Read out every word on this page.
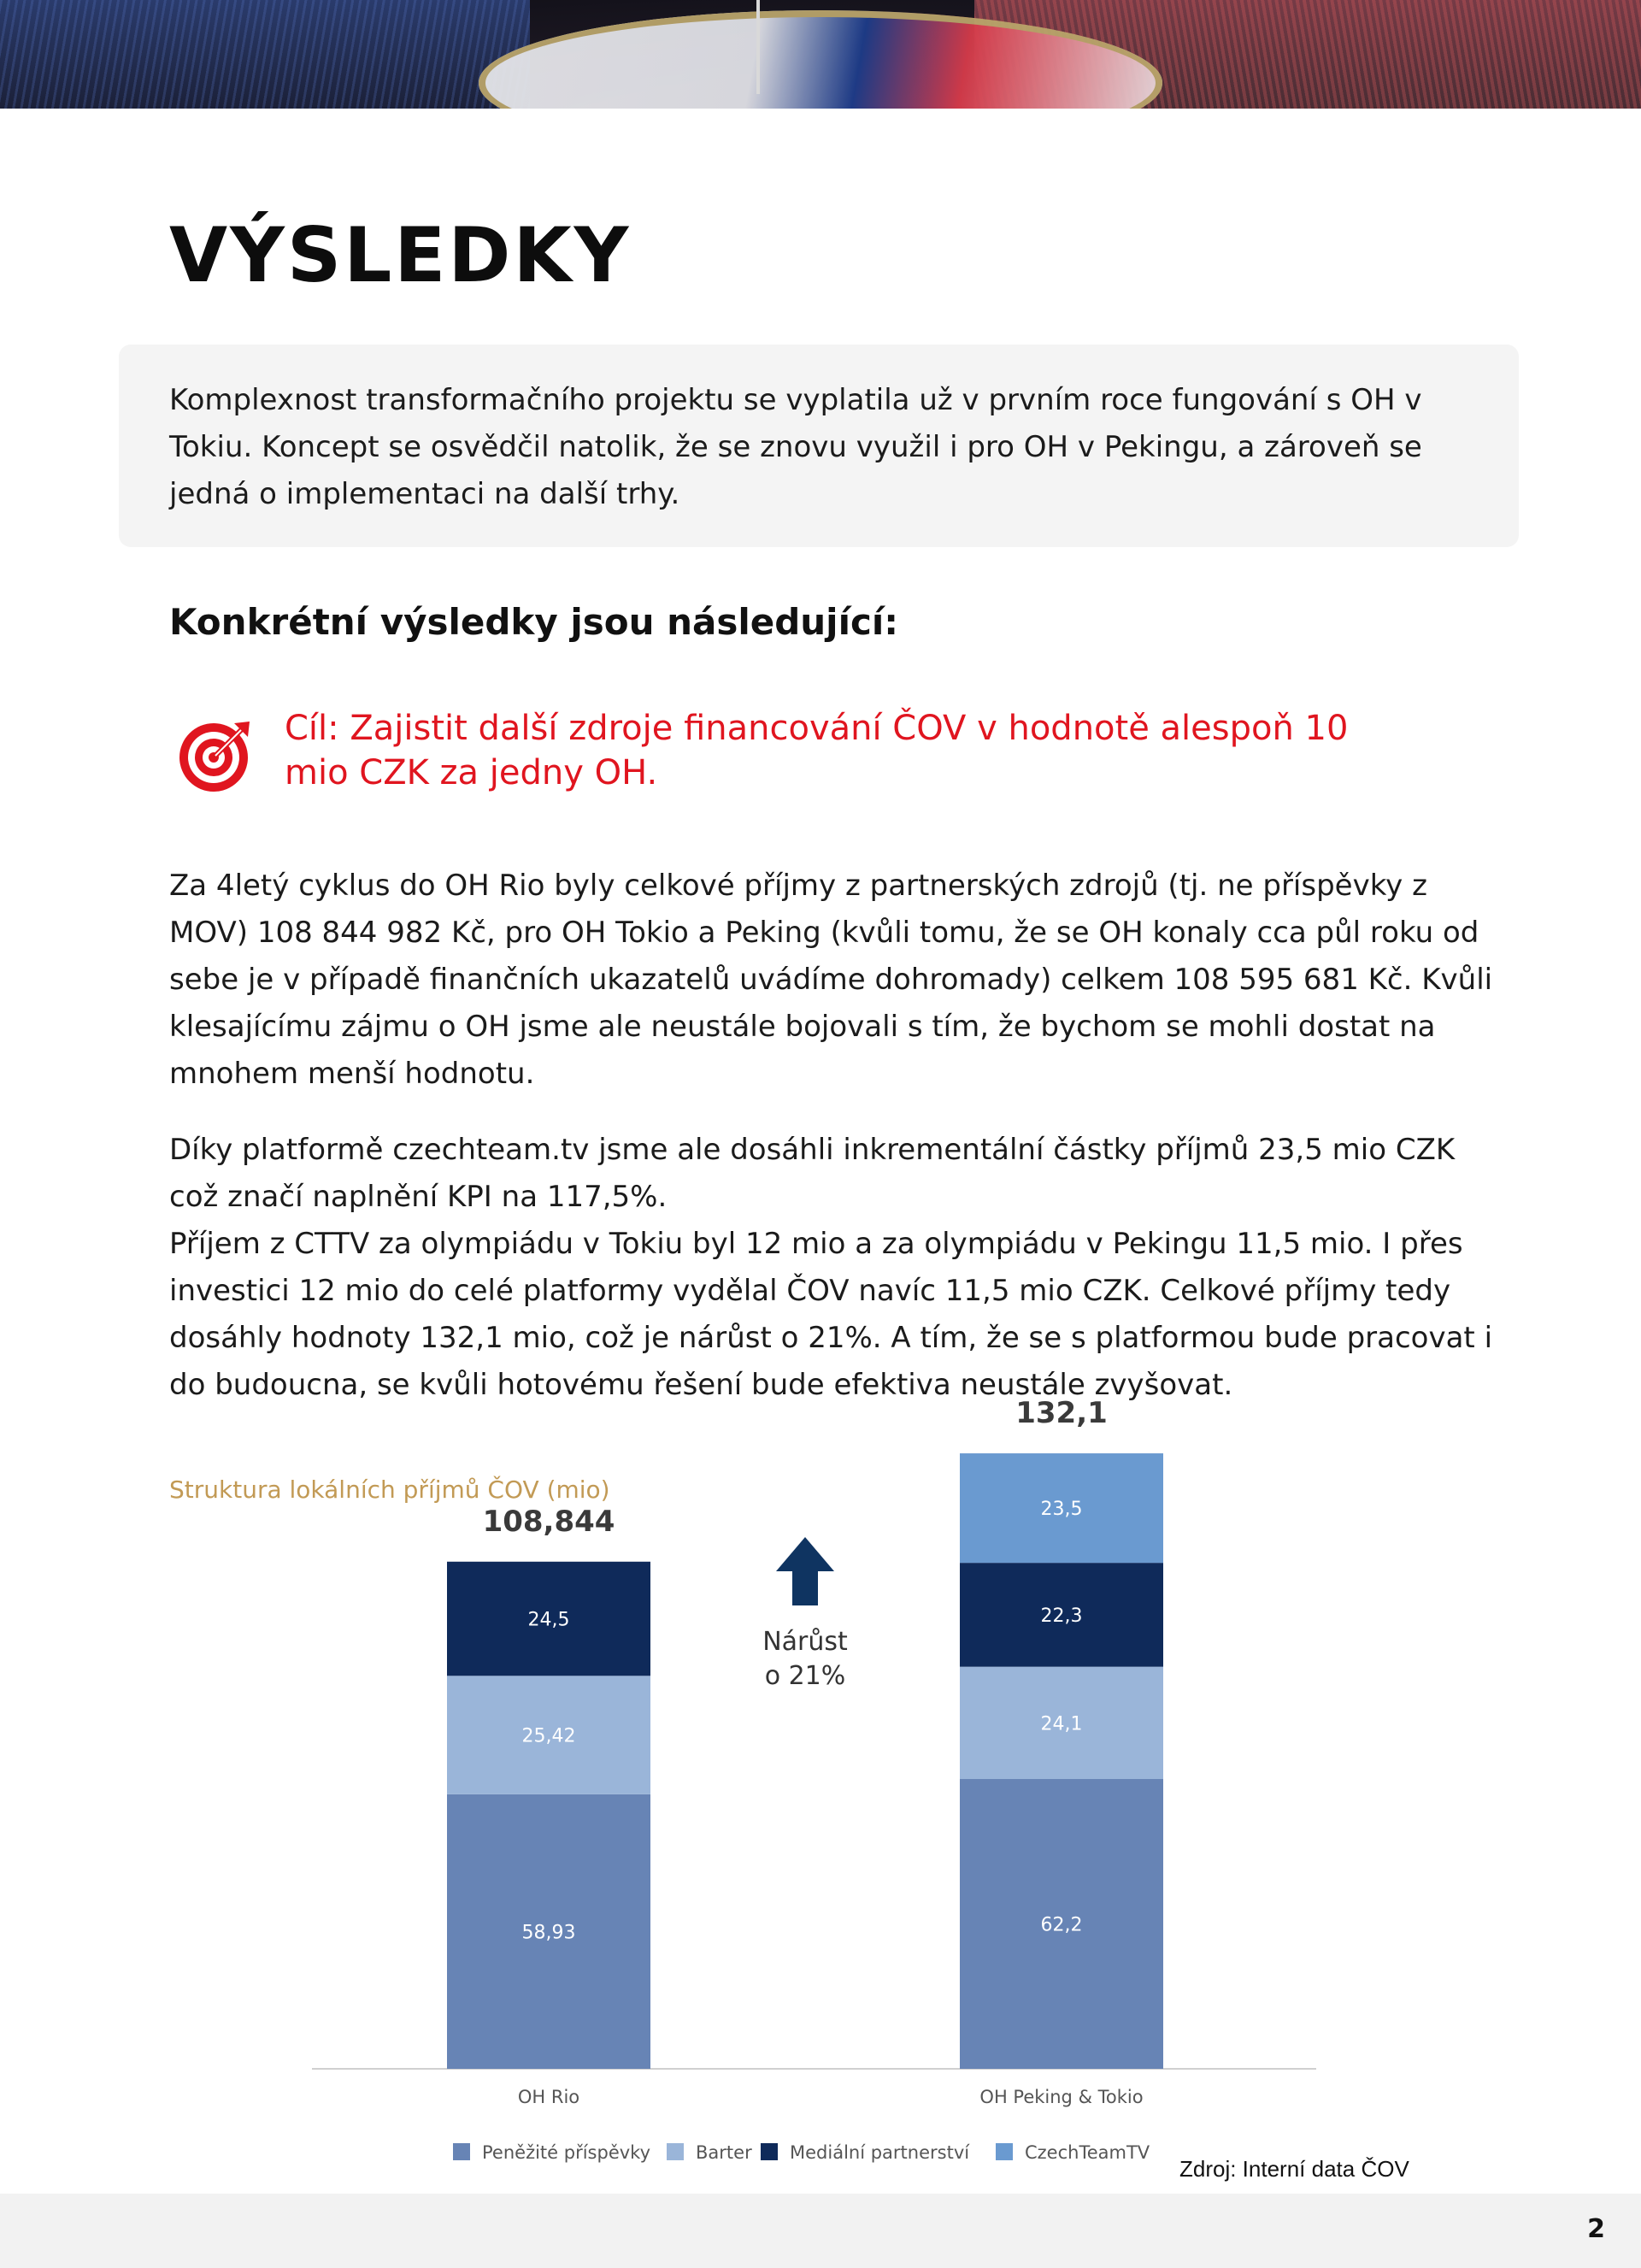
VÝSLEDKY

Komplexnost transformačního projektu se vyplatila už v prvním roce fungování s OH v Tokiu. Koncept se osvědčil natolik, že se znovu využil i pro OH v Pekingu, a zároveň se jedná o implementaci na další trhy.

Konkrétní výsledky jsou následující:

Cíl: Zajistit další zdroje financování ČOV v hodnotě alespoň 10 mio CZK za jedny OH.

Za 4letý cyklus do OH Rio byly celkové příjmy z partnerských zdrojů (tj. ne příspěvky z MOV) 108 844 982 Kč, pro OH Tokio a Peking (kvůli tomu, že se OH konaly cca půl roku od sebe je v případě finančních ukazatelů uvádíme dohromady) celkem 108 595 681 Kč. Kvůli klesajícímu zájmu o OH jsme ale neustále bojovali s tím, že bychom se mohli dostat na mnohem menší hodnotu.

Díky platformě czechteam.tv jsme ale dosáhli inkrementální částky příjmů 23,5 mio CZK což značí naplnění KPI na 117,5%.
Příjem z CTTV za olympiádu v Tokiu byl 12 mio a za olympiádu v Pekingu 11,5 mio. I přes investici 12 mio do celé platformy vydělal ČOV navíc 11,5 mio CZK. Celkové příjmy tedy dosáhly hodnoty 132,1 mio, což je nárůst o 21%. A tím, že se s platformou bude pracovat i do budoucna, se kvůli hotovému řešení bude efektiva neustále zvyšovat.
Struktura lokálních příjmů ČOV (mio)
58,93
25,42
24,5
108,844
OH Rio
62,2
24,1
22,3
23,5
132,1
OH Peking & Tokio
Nárůst
o 21%
Peněžité příspěvky	Barter Mediální partnerství	CzechTeamTV
Zdroj: Interní data ČOV
2
